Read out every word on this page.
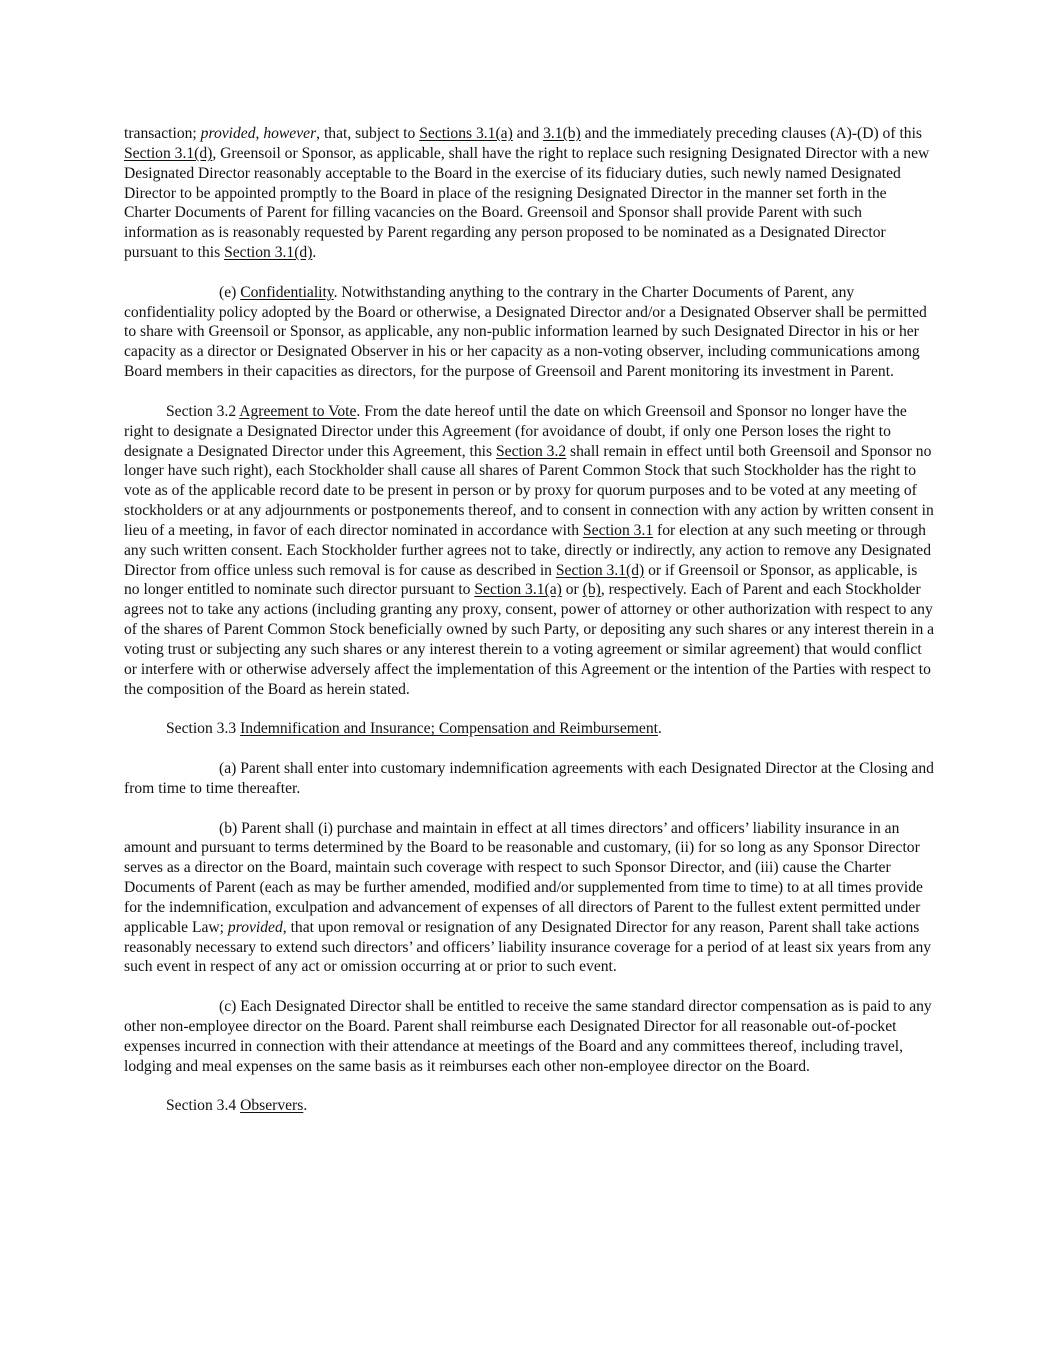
transaction; provided, however, that, subject to Sections 3.1(a) and 3.1(b) and the immediately preceding clauses (A)-(D) of this Section 3.1(d), Greensoil or Sponsor, as applicable, shall have the right to replace such resigning Designated Director with a new Designated Director reasonably acceptable to the Board in the exercise of its fiduciary duties, such newly named Designated Director to be appointed promptly to the Board in place of the resigning Designated Director in the manner set forth in the Charter Documents of Parent for filling vacancies on the Board. Greensoil and Sponsor shall provide Parent with such information as is reasonably requested by Parent regarding any person proposed to be nominated as a Designated Director pursuant to this Section 3.1(d).

(e) Confidentiality. Notwithstanding anything to the contrary in the Charter Documents of Parent, any confidentiality policy adopted by the Board or otherwise, a Designated Director and/or a Designated Observer shall be permitted to share with Greensoil or Sponsor, as applicable, any non-public information learned by such Designated Director in his or her capacity as a director or Designated Observer in his or her capacity as a non-voting observer, including communications among Board members in their capacities as directors, for the purpose of Greensoil and Parent monitoring its investment in Parent.

Section 3.2 Agreement to Vote. From the date hereof until the date on which Greensoil and Sponsor no longer have the right to designate a Designated Director under this Agreement (for avoidance of doubt, if only one Person loses the right to designate a Designated Director under this Agreement, this Section 3.2 shall remain in effect until both Greensoil and Sponsor no longer have such right), each Stockholder shall cause all shares of Parent Common Stock that such Stockholder has the right to vote as of the applicable record date to be present in person or by proxy for quorum purposes and to be voted at any meeting of stockholders or at any adjournments or postponements thereof, and to consent in connection with any action by written consent in lieu of a meeting, in favor of each director nominated in accordance with Section 3.1 for election at any such meeting or through any such written consent. Each Stockholder further agrees not to take, directly or indirectly, any action to remove any Designated Director from office unless such removal is for cause as described in Section 3.1(d) or if Greensoil or Sponsor, as applicable, is no longer entitled to nominate such director pursuant to Section 3.1(a) or (b), respectively. Each of Parent and each Stockholder agrees not to take any actions (including granting any proxy, consent, power of attorney or other authorization with respect to any of the shares of Parent Common Stock beneficially owned by such Party, or depositing any such shares or any interest therein in a voting trust or subjecting any such shares or any interest therein to a voting agreement or similar agreement) that would conflict or interfere with or otherwise adversely affect the implementation of this Agreement or the intention of the Parties with respect to the composition of the Board as herein stated.

Section 3.3 Indemnification and Insurance; Compensation and Reimbursement.

(a) Parent shall enter into customary indemnification agreements with each Designated Director at the Closing and from time to time thereafter.

(b) Parent shall (i) purchase and maintain in effect at all times directors’ and officers’ liability insurance in an amount and pursuant to terms determined by the Board to be reasonable and customary, (ii) for so long as any Sponsor Director serves as a director on the Board, maintain such coverage with respect to such Sponsor Director, and (iii) cause the Charter Documents of Parent (each as may be further amended, modified and/or supplemented from time to time) to at all times provide for the indemnification, exculpation and advancement of expenses of all directors of Parent to the fullest extent permitted under applicable Law; provided, that upon removal or resignation of any Designated Director for any reason, Parent shall take actions reasonably necessary to extend such directors’ and officers’ liability insurance coverage for a period of at least six years from any such event in respect of any act or omission occurring at or prior to such event.

(c) Each Designated Director shall be entitled to receive the same standard director compensation as is paid to any other non-employee director on the Board. Parent shall reimburse each Designated Director for all reasonable out-of-pocket expenses incurred in connection with their attendance at meetings of the Board and any committees thereof, including travel, lodging and meal expenses on the same basis as it reimburses each other non-employee director on the Board.

Section 3.4 Observers.
